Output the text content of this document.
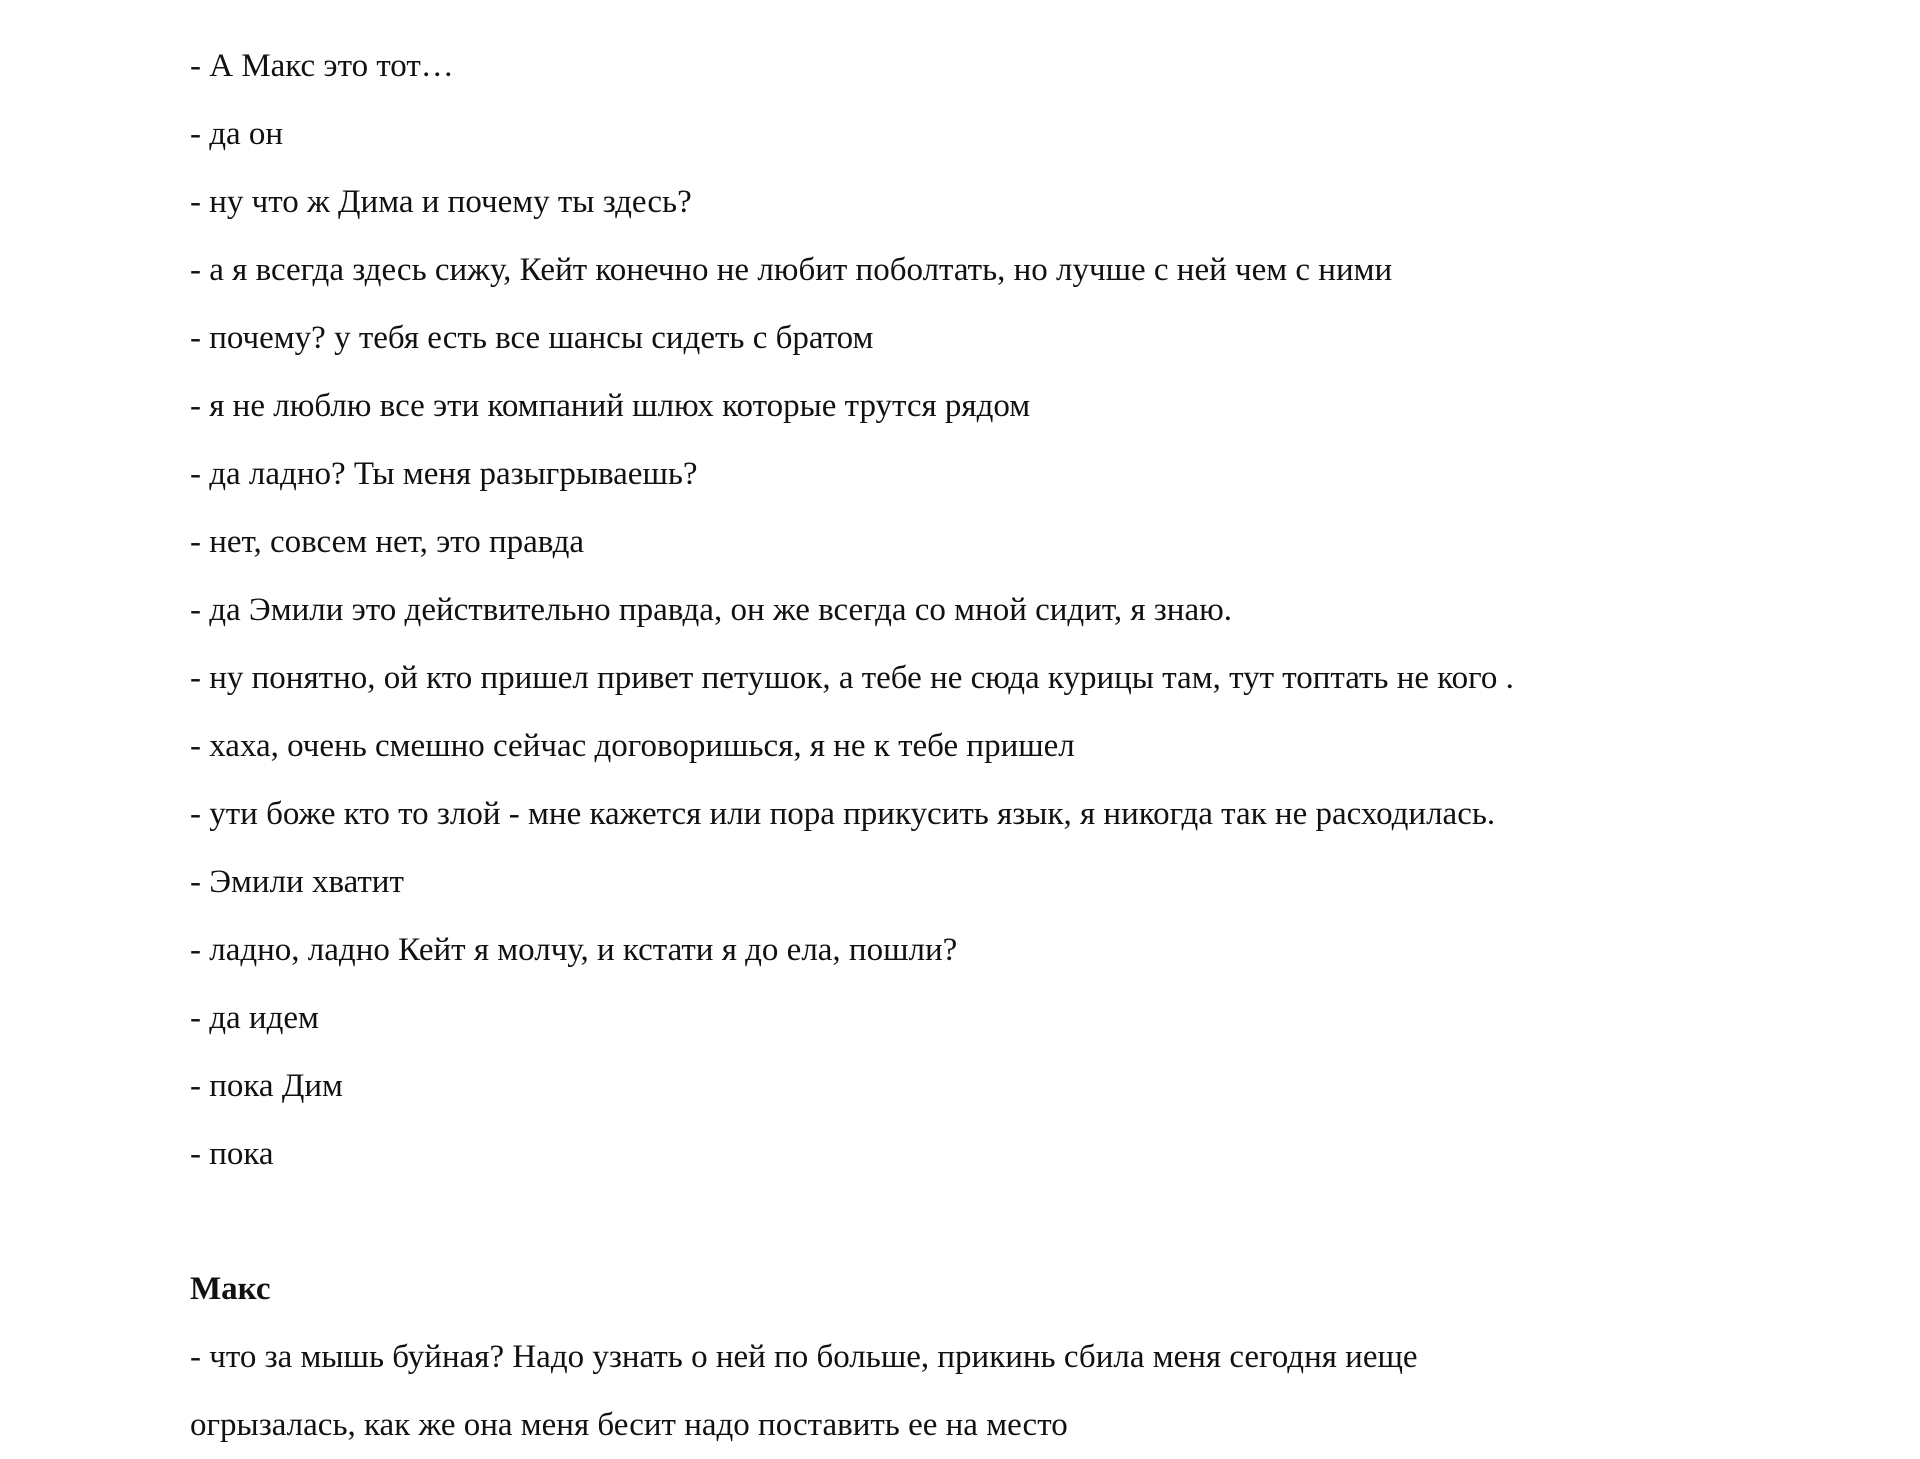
- А Макс это тот…

- да он

- ну что ж Дима и почему ты здесь?

- а я всегда здесь сижу, Кейт конечно не любит поболтать, но лучше с ней чем с ними

- почему? у тебя есть все шансы сидеть с братом

- я не люблю все эти компаний шлюх которые трутся рядом

- да ладно? Ты меня разыгрываешь?

- нет, совсем нет, это правда

- да Эмили это действительно правда, он же всегда со мной сидит, я знаю.

- ну понятно, ой кто пришел привет петушок, а тебе не сюда курицы там, тут топтать не кого .

- хаха, очень смешно сейчас договоришься, я не к тебе пришел

- ути боже кто то злой - мне кажется или пора прикусить язык, я никогда так не расходилась.

- Эмили хватит

- ладно, ладно Кейт я молчу, и кстати я до ела, пошли?

- да идем

- пока Дим

- пока

Макс

- что за мышь буйная? Надо узнать о ней по больше, прикинь сбила меня сегодня иеще

огрызалась, как же она меня бесит надо поставить ее на место
